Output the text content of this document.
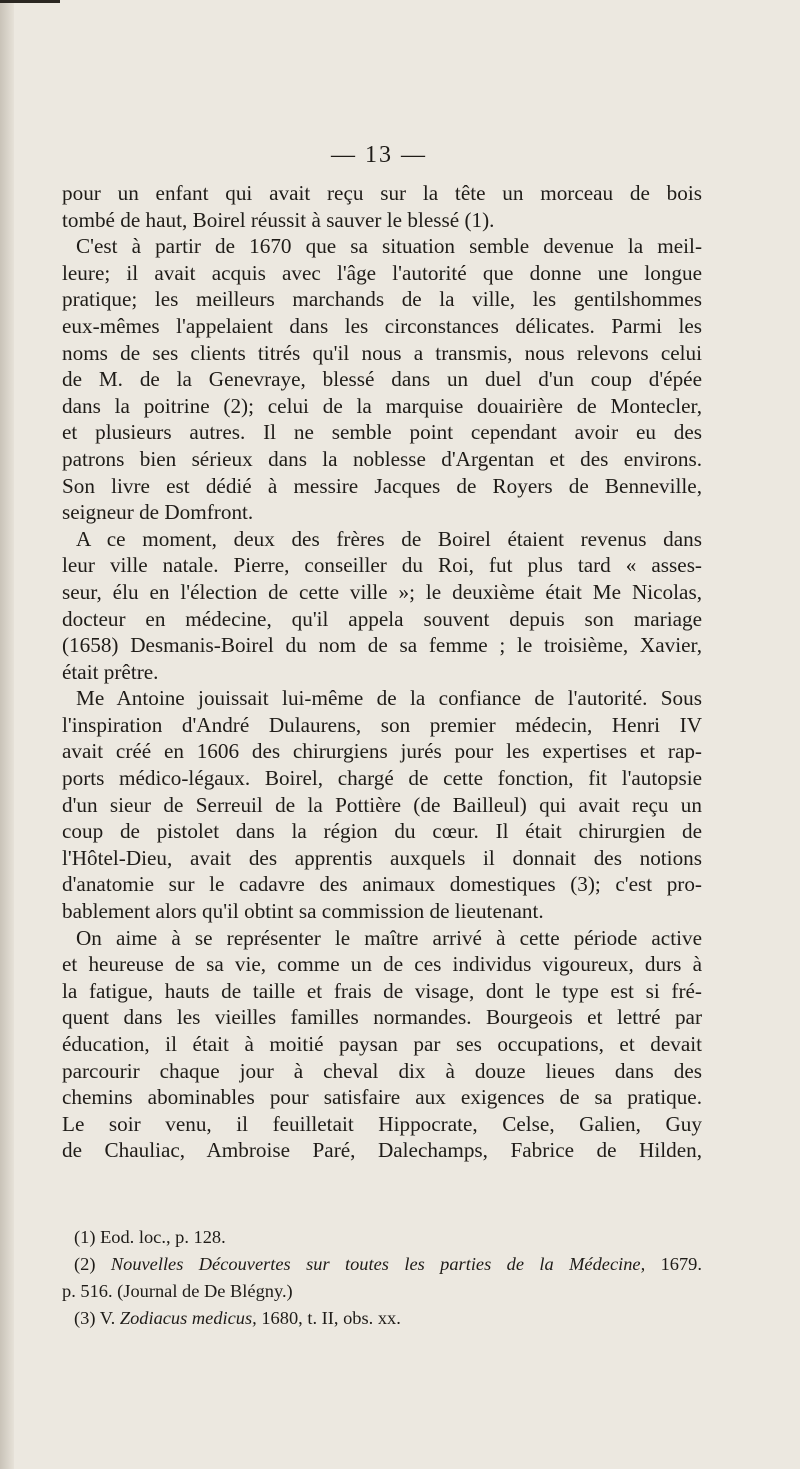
— 13 —
pour un enfant qui avait reçu sur la tête un morceau de bois
tombé de haut, Boirel réussit à sauver le blessé (1).
C'est à partir de 1670 que sa situation semble devenue la meil-
leure; il avait acquis avec l'âge l'autorité que donne une longue
pratique; les meilleurs marchands de la ville, les gentilshommes
eux-mêmes l'appelaient dans les circonstances délicates. Parmi les
noms de ses clients titrés qu'il nous a transmis, nous relevons celui
de M. de la Genevraye, blessé dans un duel d'un coup d'épée
dans la poitrine (2); celui de la marquise douairière de Montecler,
et plusieurs autres. Il ne semble point cependant avoir eu des
patrons bien sérieux dans la noblesse d'Argentan et des environs.
Son livre est dédié à messire Jacques de Royers de Benneville,
seigneur de Domfront.
A ce moment, deux des frères de Boirel étaient revenus dans
leur ville natale. Pierre, conseiller du Roi, fut plus tard « asses-
seur, élu en l'élection de cette ville »; le deuxième était Me Nicolas,
docteur en médecine, qu'il appela souvent depuis son mariage
(1658) Desmanis-Boirel du nom de sa femme ; le troisième, Xavier,
était prêtre.
Me Antoine jouissait lui-même de la confiance de l'autorité. Sous
l'inspiration d'André Dulaurens, son premier médecin, Henri IV
avait créé en 1606 des chirurgiens jurés pour les expertises et rap-
ports médico-légaux. Boirel, chargé de cette fonction, fit l'autopsie
d'un sieur de Serreuil de la Pottière (de Bailleul) qui avait reçu un
coup de pistolet dans la région du cœur. Il était chirurgien de
l'Hôtel-Dieu, avait des apprentis auxquels il donnait des notions
d'anatomie sur le cadavre des animaux domestiques (3); c'est pro-
bablement alors qu'il obtint sa commission de lieutenant.
On aime à se représenter le maître arrivé à cette période active
et heureuse de sa vie, comme un de ces individus vigoureux, durs à
la fatigue, hauts de taille et frais de visage, dont le type est si fré-
quent dans les vieilles familles normandes. Bourgeois et lettré par
éducation, il était à moitié paysan par ses occupations, et devait
parcourir chaque jour à cheval dix à douze lieues dans des
chemins abominables pour satisfaire aux exigences de sa pratique.
Le soir venu, il feuilletait Hippocrate, Celse, Galien, Guy
de Chauliac, Ambroise Paré, Dalechamps, Fabrice de Hilden,
(1) Eod. loc., p. 128.
(2) Nouvelles Découvertes sur toutes les parties de la Médecine, 1679.
p. 516. (Journal de De Blégny.)
(3) V. Zodiacus medicus, 1680, t. II, obs. xx.
